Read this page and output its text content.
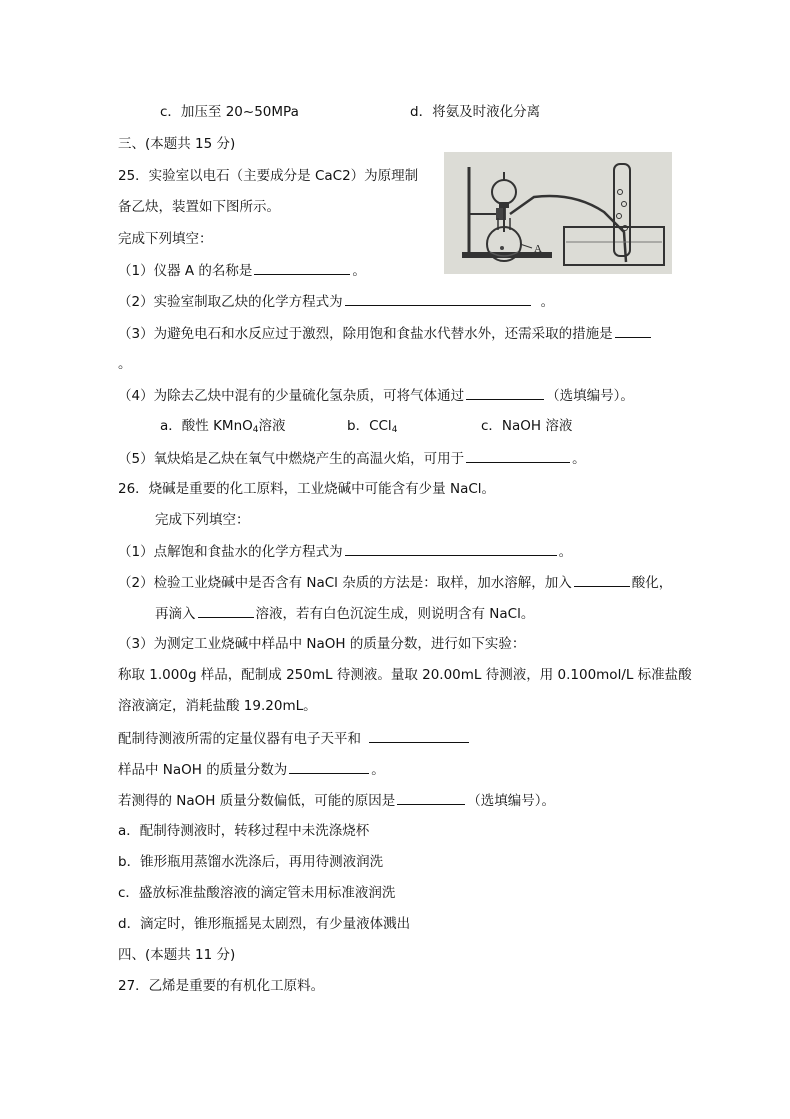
c．加压至 20~50MPa	d．将氨及时液化分离
三、(本题共 15 分)
25．实验室以电石（主要成分是 CaC2）为原理制
备乙炔，装置如下图所示。
完成下列填空：
（1）仪器 A 的名称是	。
A
（2）实验室制取乙炔的化学方程式为	。
（3）为避免电石和水反应过于激烈，除用饱和食盐水代替水外，还需采取的措施是
。
（4）为除去乙炔中混有的少量硫化氢杂质，可将气体通过	（选填编号）。
a．酸性 KMnO$_4$溶液	b．CCl$_4$	c．NaOH 溶液
（5）氧炔焰是乙炔在氧气中燃烧产生的高温火焰，可用于	。
26．烧碱是重要的化工原料，工业烧碱中可能含有少量 NaCl。
完成下列填空：
（1）点解饱和食盐水的化学方程式为	。
（2）检验工业烧碱中是否含有 NaCl 杂质的方法是：取样，加水溶解，加入	酸化，
再滴入	溶液，若有白色沉淀生成，则说明含有 NaCl。
（3）为测定工业烧碱中样品中 NaOH 的质量分数，进行如下实验：
称取 1.000g 样品，配制成 250mL 待测液。量取 20.00mL 待测液，用 0.100mol/L 标准盐酸
溶液滴定，消耗盐酸 19.20mL。
配制待测液所需的定量仪器有电子天平和
样品中 NaOH 的质量分数为	。
若测得的 NaOH 质量分数偏低，可能的原因是	（选填编号）。
a．配制待测液时，转移过程中未洗涤烧杯
b．锥形瓶用蒸馏水洗涤后，再用待测液润洗
c．盛放标准盐酸溶液的滴定管未用标准液润洗
d．滴定时，锥形瓶摇晃太剧烈，有少量液体溅出
四、(本题共 11 分)
27．乙烯是重要的有机化工原料。
